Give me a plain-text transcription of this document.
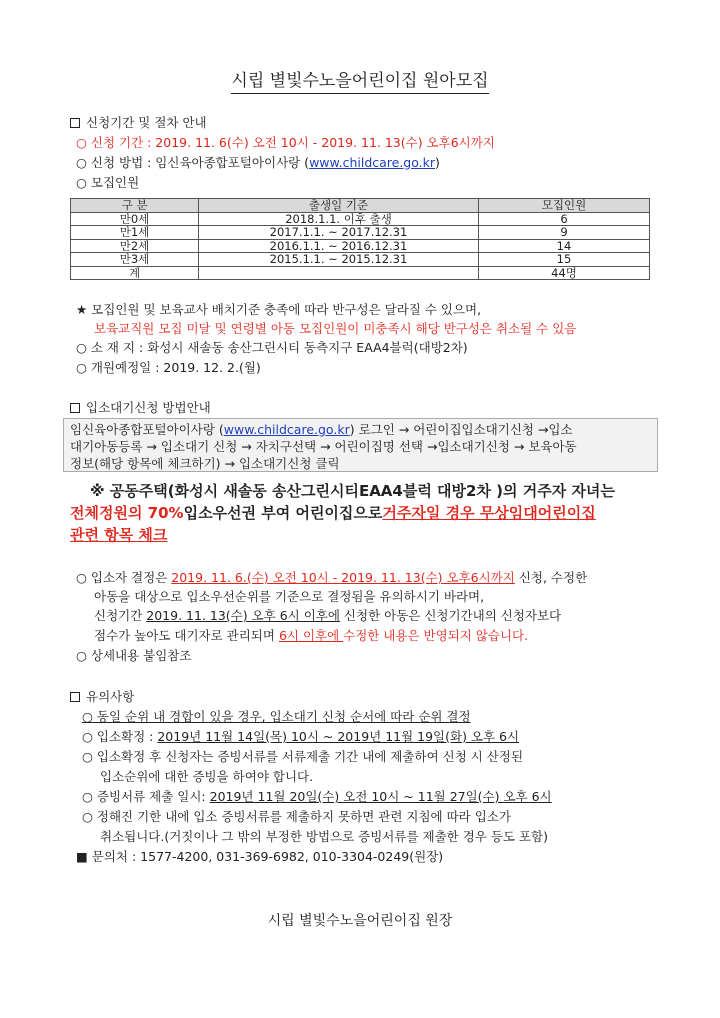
시립 별빛수노을어린이집 원아모집
신청기간 및 절차 안내
○ 신청 기간 : 2019. 11. 6(수) 오전 10시 - 2019. 11. 13(수) 오후6시까지
○ 신청 방법 : 임신육아종합포털아이사랑 (www.childcare.go.kr)
○ 모집인원
구 분	출생일 기준	모집인원
만0세	2018.1.1. 이후 출생	6
만1세	2017.1.1. ~ 2017.12.31	9
만2세	2016.1.1. ~ 2016.12.31	14
만3세	2015.1.1. ~ 2015.12.31	15
계		44명
★ 모집인원 및 보육교사 배치기준 충족에 따라 반구성은 달라질 수 있으며,
보육교직원 모집 미달 및 연령별 아동 모집인원이 미충족시 해당 반구성은 취소될 수 있음
○ 소 재 지 : 화성시 새솔동 송산그린시티 동측지구 EAA4블럭(대방2차)
○ 개원예정일 : 2019. 12. 2.(월)
입소대기신청 방법안내
임신육아종합포털아이사랑 (www.childcare.go.kr) 로그인 → 어린이집입소대기신청 →입소
대기아동등록 → 입소대기 신청 → 자치구선택 → 어린이집명 선택 →입소대기신청 → 보육아동
정보(해당 항목에 체크하기) → 입소대기신청 클릭
※ 공동주택(화성시 새솔동 송산그린시티EAA4블럭 대방2차 )의 거주자 자녀는
전체정원의 70%입소우선권 부여 어린이집으로거주자일 경우 무상임대어린이집
관련 항목 체크
○ 입소자 결정은 2019. 11. 6.(수) 오전 10시 - 2019. 11. 13(수) 오후6시까지 신청, 수정한
아동을 대상으로 입소우선순위를 기준으로 결정됨을 유의하시기 바라며,
신청기간 2019. 11. 13(수) 오후 6시 이후에 신청한 아동은 신청기간내의 신청자보다
점수가 높아도 대기자로 관리되며 6시 이후에 수정한 내용은 반영되지 않습니다.
○ 상세내용 붙임참조
유의사항
○ 동일 순위 내 경합이 있을 경우, 입소대기 신청 순서에 따라 순위 결정
○ 입소확정 : 2019년 11월 14일(목) 10시 ~ 2019년 11월 19일(화) 오후 6시
○ 입소확정 후 신청자는 증빙서류를 서류제출 기간 내에 제출하여 신청 시 산정된
입소순위에 대한 증빙을 하여야 합니다.
○ 증빙서류 제출 일시: 2019년 11월 20일(수) 오전 10시 ~ 11월 27일(수) 오후 6시
○ 정해진 기한 내에 입소 증빙서류를 제출하지 못하면 관련 지침에 따라 입소가
취소됩니다.(거짓이나 그 밖의 부정한 방법으로 증빙서류를 제출한 경우 등도 포함)
■ 문의처 : 1577-4200, 031-369-6982, 010-3304-0249(원장)
시립 별빛수노을어린이집 원장
